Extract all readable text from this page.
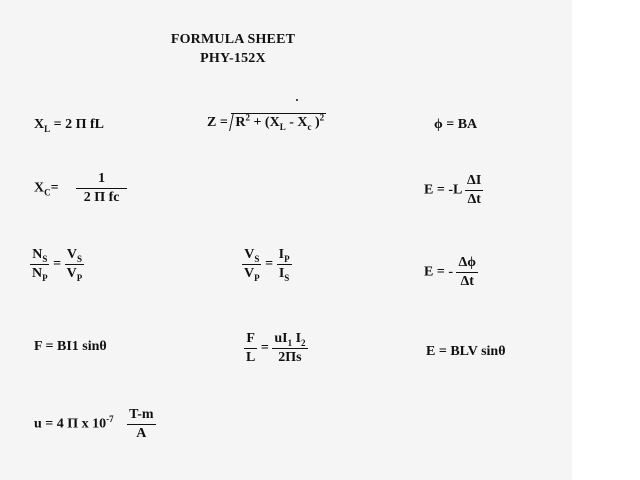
FORMULA SHEET
PHY-152X
$X_L = 2$ Π fL	$Z = R^2 + (X_L - X_c$ )$^2$	ϕ = BA
$X_C= \frac{1}{\text{2 Π fc}}$	$E = -L \frac{\Delta I}{\Delta t}$
$\frac{N_S}{N_P} = \frac{V_S}{V_P}$	$\frac{V_S}{V_P} = \frac{I_P}{I_S}$	E = - $\frac{\Delta\phi}{\Delta t}$
F = BI1 sinθ	$\frac{F}{L} = \frac{uI_1 I_2}{2\Pi s}$	E = BLV sinθ
u = 4 Π x $10^{-7} \frac{T-m}{A}$
